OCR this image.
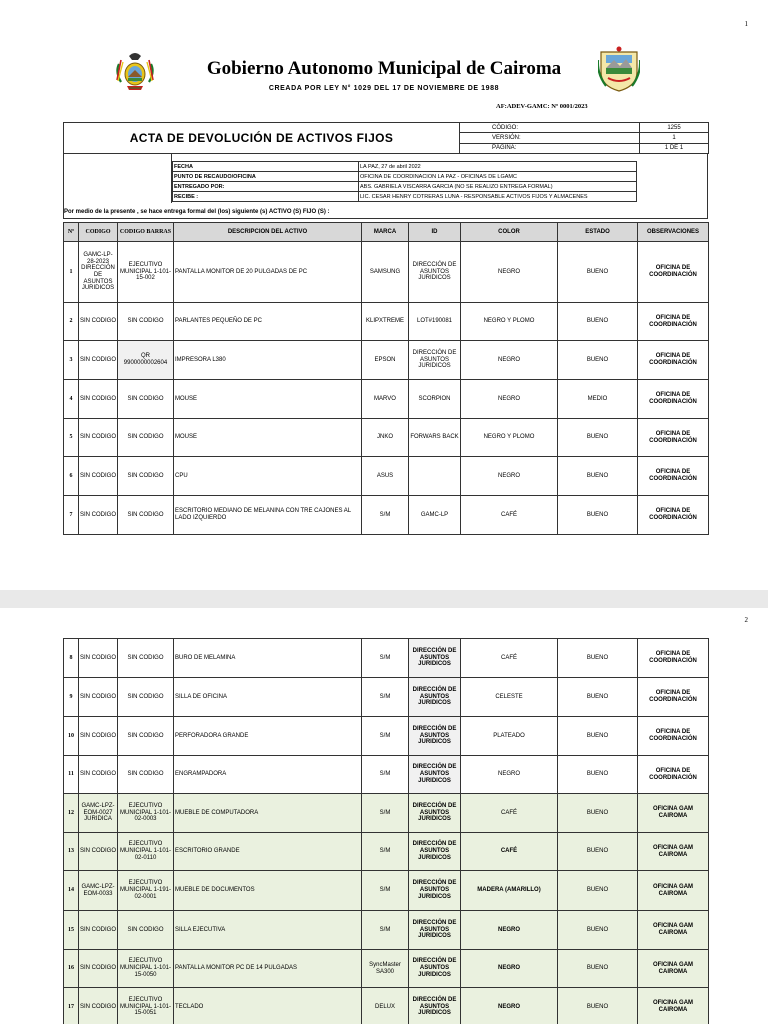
1
Gobierno Autonomo Municipal de Cairoma
CREADA POR LEY N° 1029 DEL 17 DE NOVIEMBRE DE 1988
AF:ADEV-GAMC: Nº 0001/2023
ACTA DE DEVOLUCIÓN DE ACTIVOS FIJOS	CÓDIGO:	1255
	VERSIÓN:	1
	PÁGINA:	1 DE 1
FECHA	LA PAZ, 27 de abril 2022
PUNTO DE RECAUDO/OFICINA	OFICINA DE COORDINACION LA PAZ - OFICINAS DE LGAMC
ENTREGADO POR:	ABS. GABRIELA VISCARRA GARCIA (NO SE REALIZO ENTREGA FORMAL)
RECIBE :	LIC. CESAR HENRY COTRERAS LUNA - RESPONSABLE ACTIVOS FIJOS Y ALMACENES
Por medio de la presente , se hace entrega formal del (los) siguiente (s) ACTIVO (S) FIJO (S) :
Nº	CODIGO	CODIGO BARRAS	DESCRIPCION DEL ACTIVO	MARCA	ID	COLOR	ESTADO	OBSERVACIONES
1	GAMC-LP-28-2023 DIRECCIÓN DE ASUNTOS JURIDICOS	EJECUTIVO MUNICIPAL 1-101-15-002	PANTALLA MONITOR DE 20 PULGADAS DE PC	SAMSUNG	DIRECCIÓN DE ASUNTOS JURIDICOS	NEGRO	BUENO	OFICINA DE COORDINACIÓN
2	SIN CODIGO	SIN CODIGO	PARLANTES PEQUEÑO DE PC	KLIPXTREME	LOT#190081	NEGRO Y PLOMO	BUENO	OFICINA DE COORDINACIÓN
3	SIN CODIGO	QR 9900000002604	IMPRESORA L380	EPSON	DIRECCIÓN DE ASUNTOS JURIDICOS	NEGRO	BUENO	OFICINA DE COORDINACIÓN
4	SIN CODIGO	SIN CODIGO	MOUSE	MARVO	SCORPION	NEGRO	MEDIO	OFICINA DE COORDINACIÓN
5	SIN CODIGO	SIN CODIGO	MOUSE	JNKO	FORWARS BACK	NEGRO Y PLOMO	BUENO	OFICINA DE COORDINACIÓN
6	SIN CODIGO	SIN CODIGO	CPU	ASUS		NEGRO	BUENO	OFICINA DE COORDINACIÓN
7	SIN CODIGO	SIN CODIGO	ESCRITORIO MEDIANO DE MELANINA CON TRE CAJONES AL LADO IZQUIERDO	S/M	GAMC-LP	CAFÉ	BUENO	OFICINA DE COORDINACIÓN
2
8	SIN CODIGO	SIN CODIGO	BURO DE MELAMINA	S/M	DIRECCIÓN DE ASUNTOS JURIDICOS	CAFÉ	BUENO	OFICINA DE COORDINACIÓN
9	SIN CODIGO	SIN CODIGO	SILLA DE OFICINA	S/M	DIRECCIÓN DE ASUNTOS JURIDICOS	CELESTE	BUENO	OFICINA DE COORDINACIÓN
10	SIN CODIGO	SIN CODIGO	PERFORADORA GRANDE	S/M	DIRECCIÓN DE ASUNTOS JURIDICOS	PLATEADO	BUENO	OFICINA DE COORDINACIÓN
11	SIN CODIGO	SIN CODIGO	ENGRAMPADORA	S/M	DIRECCIÓN DE ASUNTOS JURIDICOS	NEGRO	BUENO	OFICINA DE COORDINACIÓN
12	GAMC-LPZ-EOM-0027 JURIDICA	EJECUTIVO MUNICIPAL 1-101-02-0003	MUEBLE DE COMPUTADORA	S/M	DIRECCIÓN DE ASUNTOS JURIDICOS	CAFÉ	BUENO	OFICINA GAM CAIROMA
13	SIN CODIGO	EJECUTIVO MUNICIPAL 1-101-02-0110	ESCRITORIO GRANDE	S/M	DIRECCIÓN DE ASUNTOS JURIDICOS	CAFÉ	BUENO	OFICINA GAM CAIROMA
14	GAMC-LPZ-EOM-0033	EJECUTIVO MUNICIPAL 1-191-02-0001	MUEBLE DE DOCUMENTOS	S/M	DIRECCIÓN DE ASUNTOS JURIDICOS	MADERA (AMARILLO)	BUENO	OFICINA GAM CAIROMA
15	SIN CODIGO	SIN CODIGO	SILLA EJECUTIVA	S/M	DIRECCIÓN DE ASUNTOS JURIDICOS	NEGRO	BUENO	OFICINA GAM CAIROMA
16	SIN CODIGO	EJECUTIVO MUNICIPAL 1-101-15-0050	PANTALLA MONITOR PC DE 14 PULGADAS	SyncMaster SA300	DIRECCIÓN DE ASUNTOS JURIDICOS	NEGRO	BUENO	OFICINA GAM CAIROMA
17	SIN CODIGO	EJECUTIVO MUNICIPAL 1-101-15-0051	TECLADO	DELUX	DIRECCIÓN DE ASUNTOS JURIDICOS	NEGRO	BUENO	OFICINA GAM CAIROMA
